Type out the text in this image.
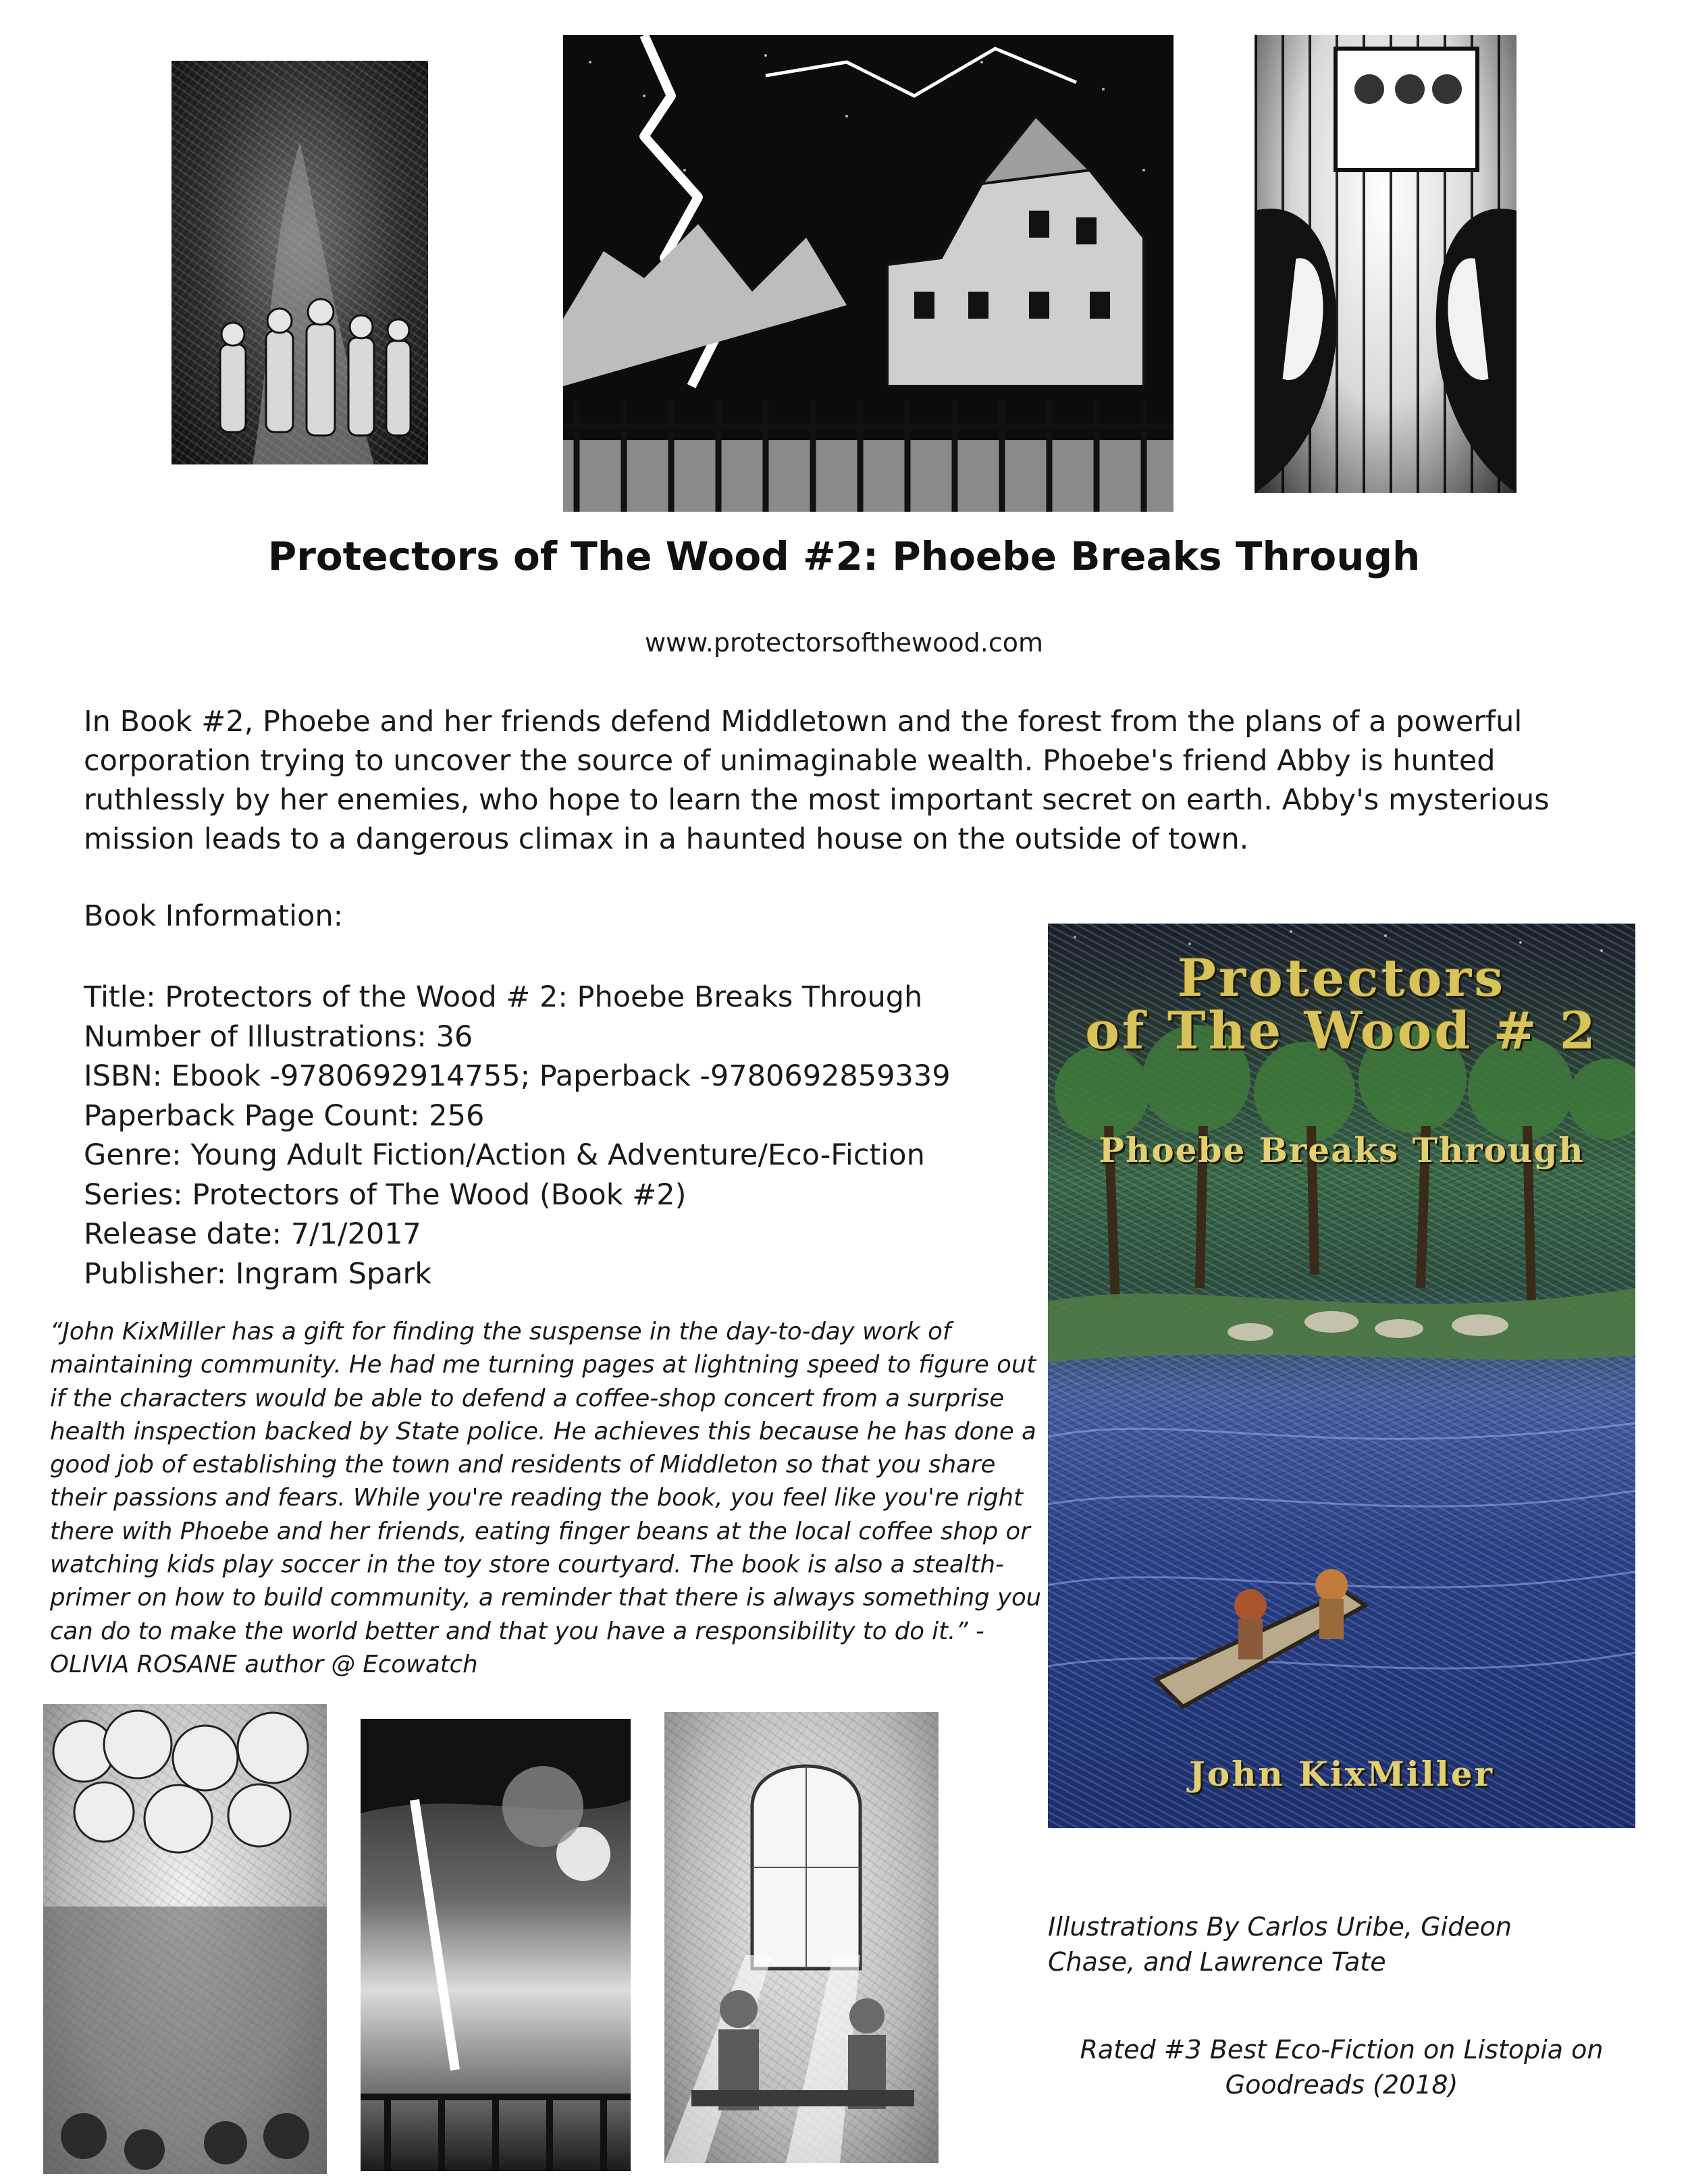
Protectors of The Wood #2: Phoebe Breaks Through
www.protectorsofthewood.com
In Book #2, Phoebe and her friends defend Middletown and the forest from the plans of a powerful corporation trying to uncover the source of unimaginable wealth. Phoebe's friend Abby is hunted ruthlessly by her enemies, who hope to learn the most important secret on earth. Abby's mysterious mission leads to a dangerous climax in a haunted house on the outside of town.
Book Information:
Title: Protectors of the Wood # 2: Phoebe Breaks Through
Number of Illustrations: 36
ISBN: Ebook -9780692914755; Paperback -9780692859339
Paperback Page Count: 256
Genre: Young Adult Fiction/Action & Adventure/Eco-Fiction
Series: Protectors of The Wood (Book #2)
Release date: 7/1/2017
Publisher: Ingram Spark
“John KixMiller has a gift for finding the suspense in the day-to-day work of maintaining community. He had me turning pages at lightning speed to figure out if the characters would be able to defend a coffee-shop concert from a surprise health inspection backed by State police. He achieves this because he has done a good job of establishing the town and residents of Middleton so that you share their passions and fears. While you're reading the book, you feel like you're right there with Phoebe and her friends, eating finger beans at the local coffee shop or watching kids play soccer in the toy store courtyard. The book is also a stealth-primer on how to build community, a reminder that there is always something you can do to make the world better and that you have a responsibility to do it.” -OLIVIA ROSANE author @ Ecowatch
Protectors
of The Wood # 2
Phoebe Breaks Through
John KixMiller
Illustrations By Carlos Uribe, Gideon Chase, and Lawrence Tate
Rated #3 Best Eco-Fiction on Listopia on Goodreads (2018)
